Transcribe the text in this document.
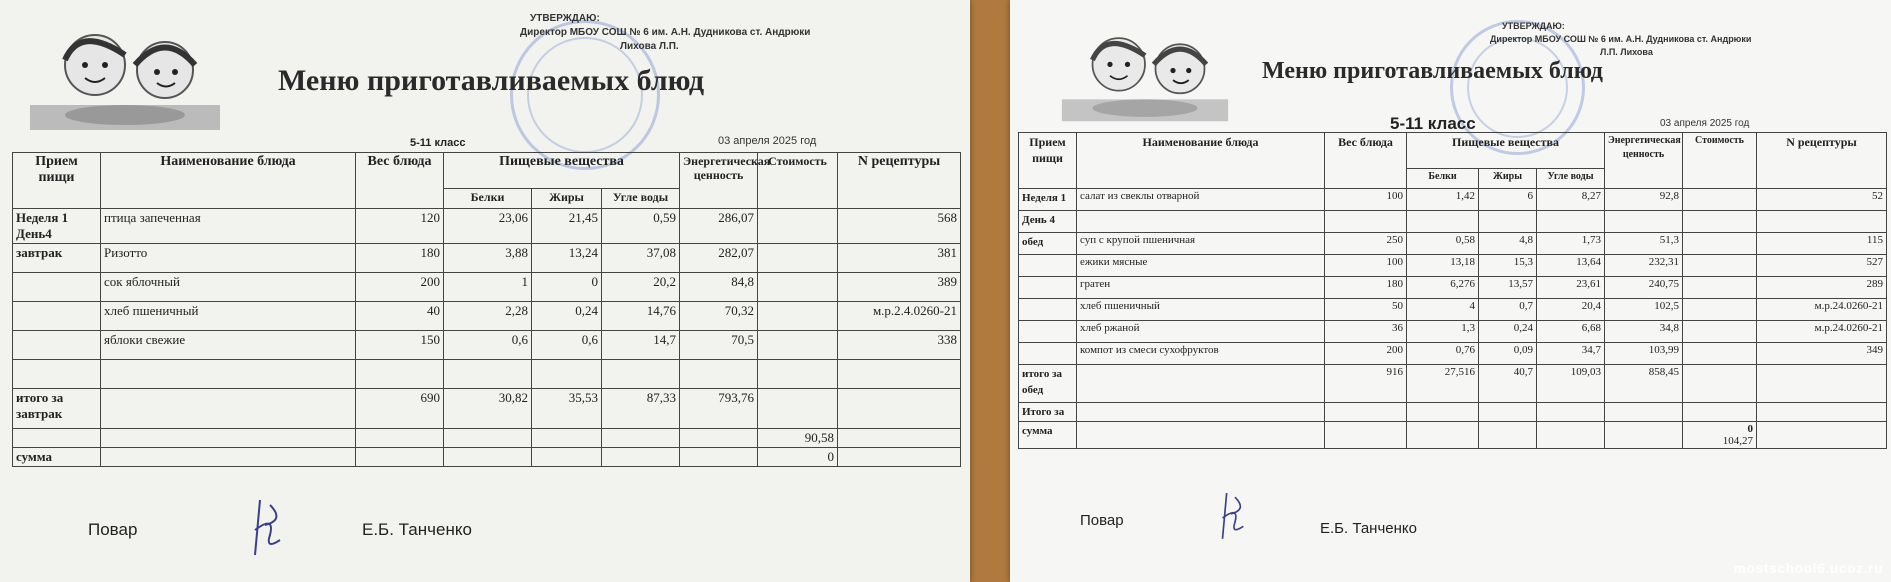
УТВЕРЖДАЮ:
Директор МБОУ СОШ № 6 им. А.Н. Дудникова ст. Андрюки
Лихова Л.П.
Меню приготавливаемых блюд
5-11 класс	03 апреля 2025 год
Прием пищи	Наименование блюда	Вес блюда	Пищевые вещества			Энергетическая ценность	Стоимость	N рецептуры
			Белки	Жиры	Угле воды			
Неделя 1 День4	птица запеченная	120	23,06	21,45	0,59	286,07		568
завтрак	Ризотто	180	3,88	13,24	37,08	282,07		381
	сок яблочный	200	1	0	20,2	84,8		389
	хлеб пшеничный	40	2,28	0,24	14,76	70,32		м.р.2.4.0260-21
	яблоки свежие	150	0,6	0,6	14,7	70,5		338

итого за завтрак		690	30,82	35,53	87,33	793,76		
							90,58	
сумма							0	
Повар	Е.Б. Танченко
УТВЕРЖДАЮ:
Директор МБОУ СОШ № 6 им. А.Н. Дудникова ст. Андрюки
Л.П. Лихова
Меню приготавливаемых блюд
5-11 класс	03 апреля 2025 год
Прием пищи	Наименование блюда	Вес блюда	Пищевые вещества			Энергетическая ценность	Стоимость	N рецептуры
			Белки	Жиры	Угле воды			
Неделя 1	салат из свеклы отварной	100	1,42	6	8,27	92,8		52
День 4								
обед	суп с крупой пшеничная	250	0,58	4,8	1,73	51,3		115
	ежики мясные	100	13,18	15,3	13,64	232,31		527
	гратен	180	6,276	13,57	23,61	240,75		289
	хлеб пшеничный	50	4	0,7	20,4	102,5		м.р.24.0260-21
	хлеб ржаной	36	1,3	0,24	6,68	34,8		м.р.24.0260-21
	компот из смеси сухофруктов	200	0,76	0,09	34,7	103,99		349
итого за обед		916	27,516	40,7	109,03	858,45		
Итого за								
сумма							0
104,27	
Повар	Е.Б. Танченко
mostschool6.ucoz.ru
